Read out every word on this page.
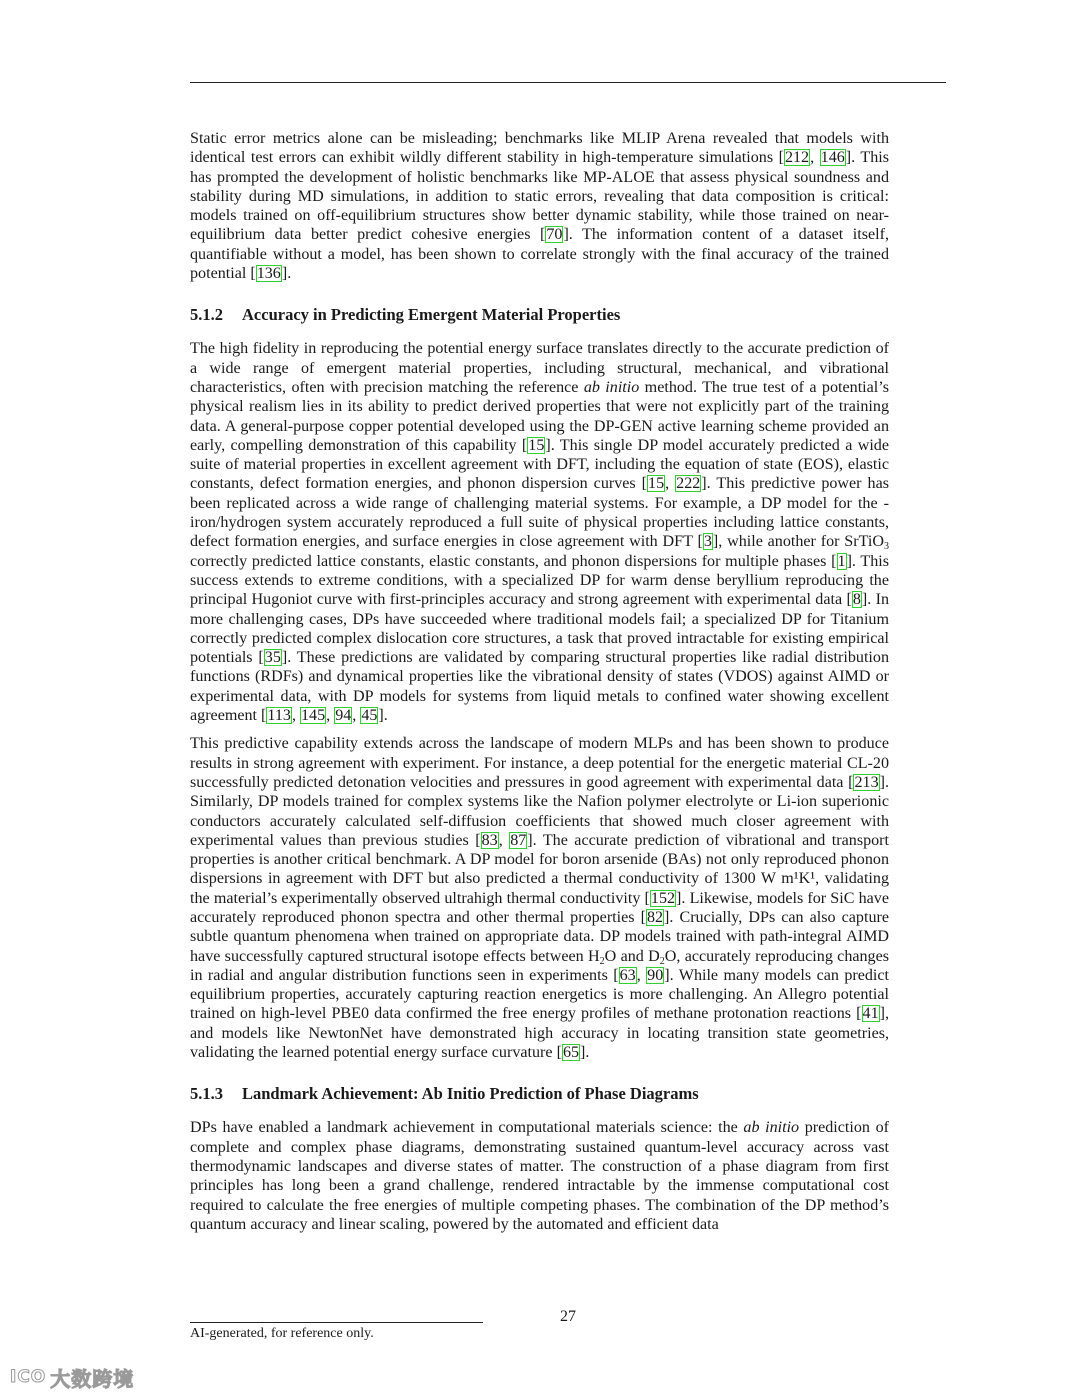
Static error metrics alone can be misleading; benchmarks like MLIP Arena revealed that models with identical test errors can exhibit wildly different stability in high-temperature simulations [212, 146]. This has prompted the development of holistic benchmarks like MP-ALOE that assess physical soundness and stability during MD simulations, in addition to static errors, revealing that data composition is critical: models trained on off-equilibrium structures show better dynamic stability, while those trained on near-equilibrium data better predict cohesive energies [70]. The information content of a dataset itself, quantifiable without a model, has been shown to correlate strongly with the final accuracy of the trained potential [136].

5.1.2 Accuracy in Predicting Emergent Material Properties

The high fidelity in reproducing the potential energy surface translates directly to the accurate prediction of a wide range of emergent material properties, including structural, mechanical, and vibrational characteristics, often with precision matching the reference ab initio method. The true test of a potential’s physical realism lies in its ability to predict derived properties that were not explicitly part of the training data. A general-purpose copper potential developed using the DP-GEN active learning scheme provided an early, compelling demonstration of this capability [15]. This single DP model accurately predicted a wide suite of material properties in excellent agreement with DFT, including the equation of state (EOS), elastic constants, defect formation energies, and phonon dispersion curves [15, 222]. This predictive power has been replicated across a wide range of challenging material systems. For example, a DP model for the -iron/hydrogen system accurately reproduced a full suite of physical properties including lattice constants, defect formation energies, and surface energies in close agreement with DFT [3], while another for SrTiO$_3$ correctly predicted lattice constants, elastic constants, and phonon dispersions for multiple phases [1]. This success extends to extreme conditions, with a specialized DP for warm dense beryllium reproducing the principal Hugoniot curve with first-principles accuracy and strong agreement with experimental data [8]. In more challenging cases, DPs have succeeded where traditional models fail; a specialized DP for Titanium correctly predicted complex dislocation core structures, a task that proved intractable for existing empirical potentials [35]. These predictions are validated by comparing structural properties like radial distribution functions (RDFs) and dynamical properties like the vibrational density of states (VDOS) against AIMD or experimental data, with DP models for systems from liquid metals to confined water showing excellent agreement [113, 145, 94, 45].

This predictive capability extends across the landscape of modern MLPs and has been shown to produce results in strong agreement with experiment. For instance, a deep potential for the energetic material CL-20 successfully predicted detonation velocities and pressures in good agreement with experimental data [213]. Similarly, DP models trained for complex systems like the Nafion polymer electrolyte or Li-ion superionic conductors accurately calculated self-diffusion coefficients that showed much closer agreement with experimental values than previous studies [83, 87]. The accurate prediction of vibrational and transport properties is another critical benchmark. A DP model for boron arsenide (BAs) not only reproduced phonon dispersions in agreement with DFT but also predicted a thermal conductivity of 1300 W m¹K¹, validating the material’s experimentally observed ultrahigh thermal conductivity [152]. Likewise, models for SiC have accurately reproduced phonon spectra and other thermal properties [82]. Crucially, DPs can also capture subtle quantum phenomena when trained on appropriate data. DP models trained with path-integral AIMD have successfully captured structural isotope effects between $H_2O$ and $D_2O$, accurately reproducing changes in radial and angular distribution functions seen in experiments [63, 90]. While many models can predict equilibrium properties, accurately capturing reaction energetics is more challenging. An Allegro potential trained on high-level PBE0 data confirmed the free energy profiles of methane protonation reactions [41], and models like NewtonNet have demonstrated high accuracy in locating transition state geometries, validating the learned potential energy surface curvature [65].

5.1.3 Landmark Achievement: Ab Initio Prediction of Phase Diagrams

DPs have enabled a landmark achievement in computational materials science: the ab initio prediction of complete and complex phase diagrams, demonstrating sustained quantum-level accuracy across vast thermodynamic landscapes and diverse states of matter. The construction of a phase diagram from first principles has long been a grand challenge, rendered intractable by the immense computational cost required to calculate the free energies of multiple competing phases. The combination of the DP method’s quantum accuracy and linear scaling, powered by the automated and efficient data

27
AI-generated, for reference only.
ICO 大数跨境
